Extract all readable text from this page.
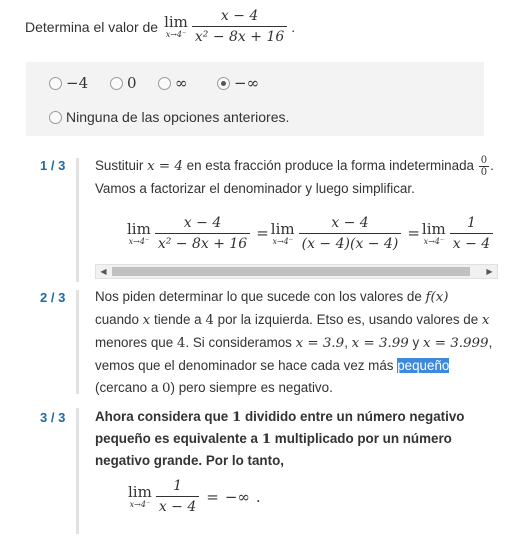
Determina el valor de lim
$x\to 4^- \frac{x - 4}{\text{x² − 8x + 16}}$ .
−4	0	∞	−∞
Ninguna de las opciones anteriores.
1 / 3 Sustituir x = 4 en esta fracción produce la forma indeterminada $\frac{0}{0}$ . Vamos a factorizar el denominador y luego simplificar.
lim
$x\to 4^- \frac{x - 4}{\text{x² − 8x + 16}} = \lim$
$x\to 4^- \frac{x - 4}{(x - 4)(x - 4)} = \lim$
$x\to 4^- \frac{1}{x - 4}$
◀	▶
2 / 3 Nos piden determinar lo que sucede con los valores de f(x) cuando x tiende a 4 por la izquierda. Etso es, usando valores de x menores que 4. Si consideramos x = 3.9, x = 3.99 y x = 3.999, vemos que el denominador se hace cada vez más pequeño (cercano a 0) pero siempre es negativo.
3 / 3 Ahora considera que 1 dividido entre un número negativo pequeño es equivalente a 1 multiplicado por un número negativo grande. Por lo tanto,
lim
$x\to 4^- \frac{1}{x - 4}$ = −∞ .
